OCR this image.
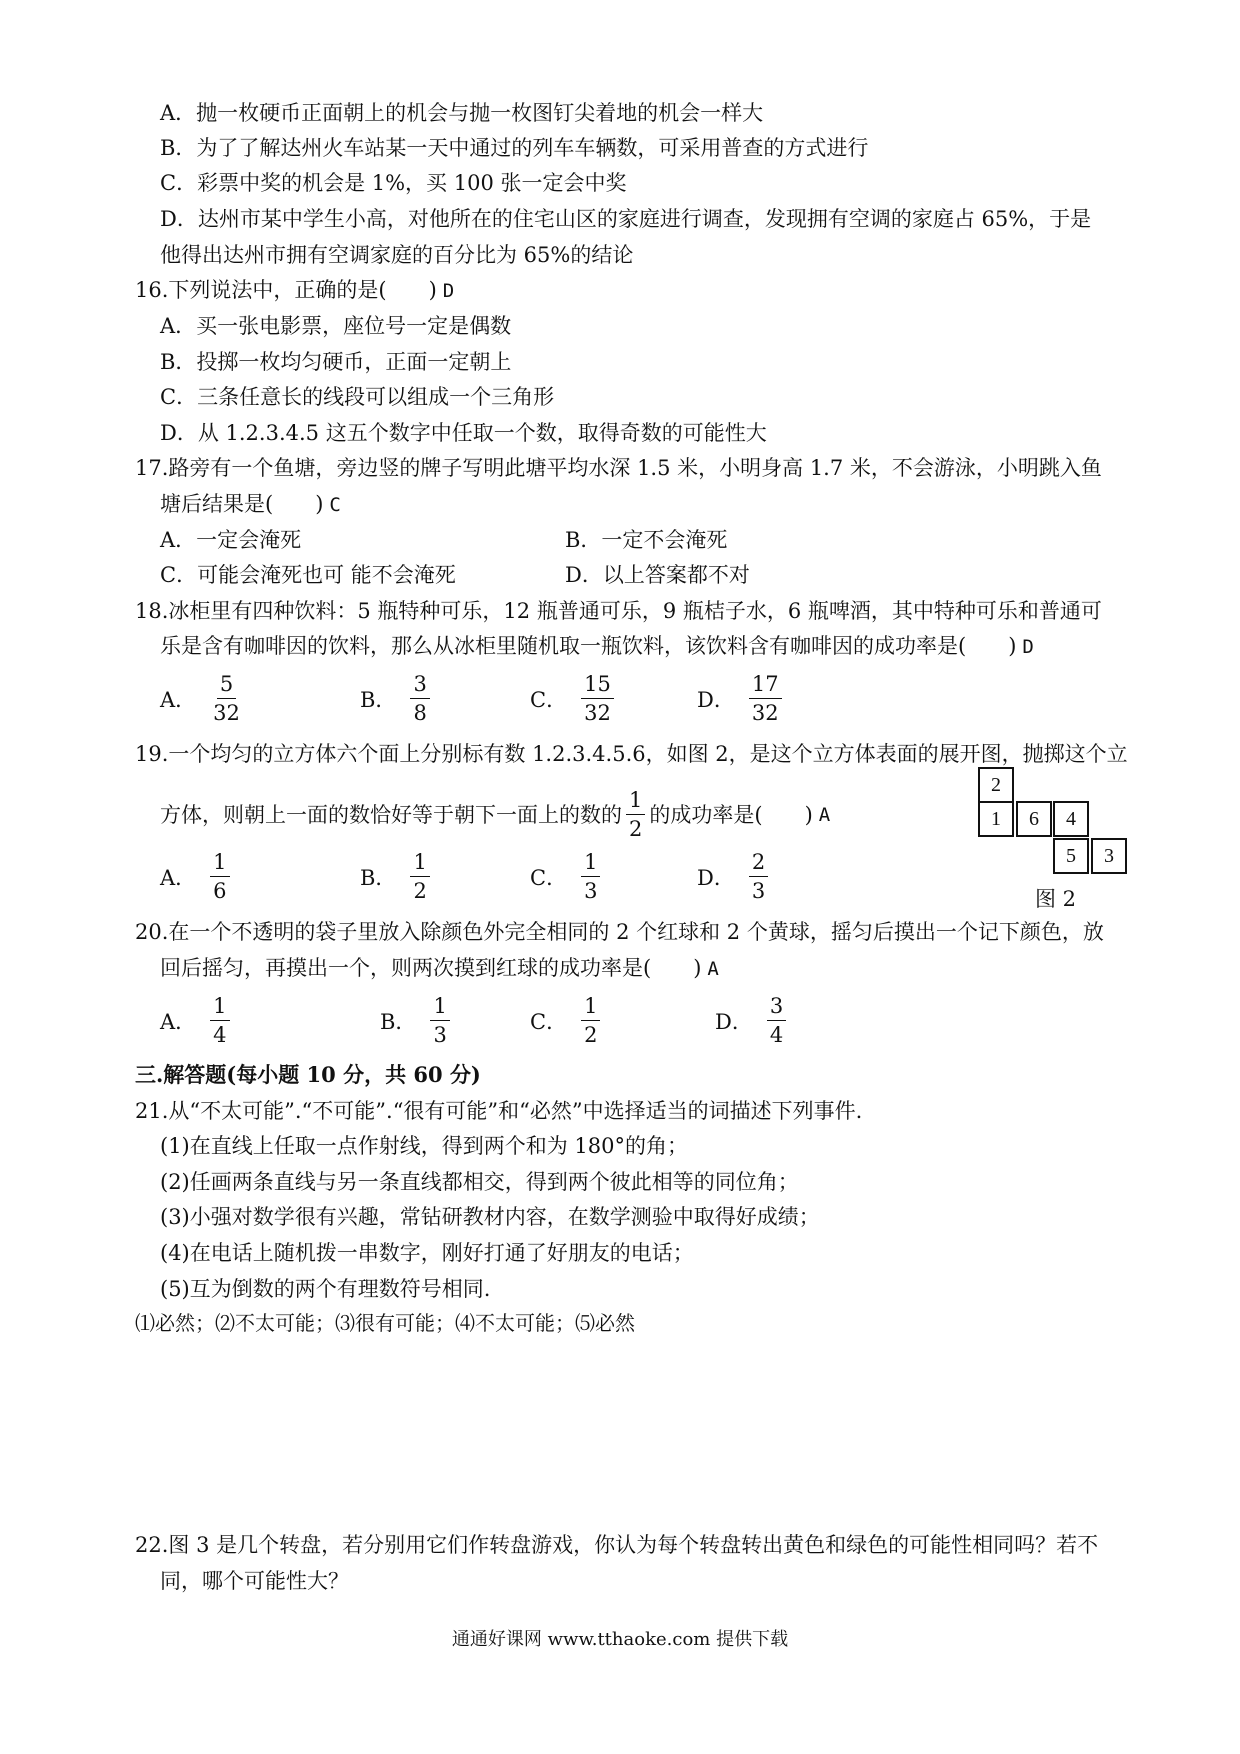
A．抛一枚硬币正面朝上的机会与抛一枚图钉尖着地的机会一样大
B．为了了解达州火车站某一天中通过的列车车辆数，可采用普查的方式进行
C．彩票中奖的机会是 1%，买 100 张一定会中奖
D．达州市某中学生小高，对他所在的住宅山区的家庭进行调查，发现拥有空调的家庭占 65%，于是
他得出达州市拥有空调家庭的百分比为 65%的结论
16.下列说法中，正确的是(　　) D
A．买一张电影票，座位号一定是偶数
B．投掷一枚均匀硬币，正面一定朝上
C．三条任意长的线段可以组成一个三角形
D．从 1.2.3.4.5 这五个数字中任取一个数，取得奇数的可能性大
17.路旁有一个鱼塘，旁边竖的牌子写明此塘平均水深 1.5 米，小明身高 1.7 米，不会游泳，小明跳入鱼
塘后结果是(　　) C
A．一定会淹死	B．一定不会淹死
C．可能会淹死也可 能不会淹死	D．以上答案都不对
18.冰柜里有四种饮料：5 瓶特种可乐，12 瓶普通可乐，9 瓶桔子水，6 瓶啤酒，其中特种可乐和普通可
乐是含有咖啡因的饮料，那么从冰柜里随机取一瓶饮料，该饮料含有咖啡因的成功率是(　　) D
A． $\frac{5}{32}$	B． $\frac{3}{8}$	C． $\frac{15}{32}$	D． $\frac{17}{32}$
19.一个均匀的立方体六个面上分别标有数 1.2.3.4.5.6，如图 2，是这个立方体表面的展开图，抛掷这个立
方体，则朝上一面的数恰好等于朝下一面上的数的 $\frac{1}{2}$ 的成功率是(　　) A
A． $\frac{1}{6}$	B． $\frac{1}{2}$	C． $\frac{1}{3}$	D． $\frac{2}{3}$
2
1	6	4
5	3
图 2
20.在一个不透明的袋子里放入除颜色外完全相同的 2 个红球和 2 个黄球，摇匀后摸出一个记下颜色，放
回后摇匀，再摸出一个，则两次摸到红球的成功率是(　　) A
A． $\frac{1}{4}$	B． $\frac{1}{3}$	C． $\frac{1}{2}$	D． $\frac{3}{4}$
三.解答题(每小题 10 分，共 60 分)
21.从“不太可能”.“不可能”.“很有可能”和“必然”中选择适当的词描述下列事件.
(1)在直线上任取一点作射线，得到两个和为 180°的角；
(2)任画两条直线与另一条直线都相交，得到两个彼此相等的同位角；
(3)小强对数学很有兴趣，常钻研教材内容，在数学测验中取得好成绩；
(4)在电话上随机拨一串数字，刚好打通了好朋友的电话；
(5)互为倒数的两个有理数符号相同.
⑴必然；⑵不太可能；⑶很有可能；⑷不太可能；⑸必然
22.图 3 是几个转盘，若分别用它们作转盘游戏，你认为每个转盘转出黄色和绿色的可能性相同吗？若不
同，哪个可能性大？
通通好课网 www.tthaoke.com 提供下载
